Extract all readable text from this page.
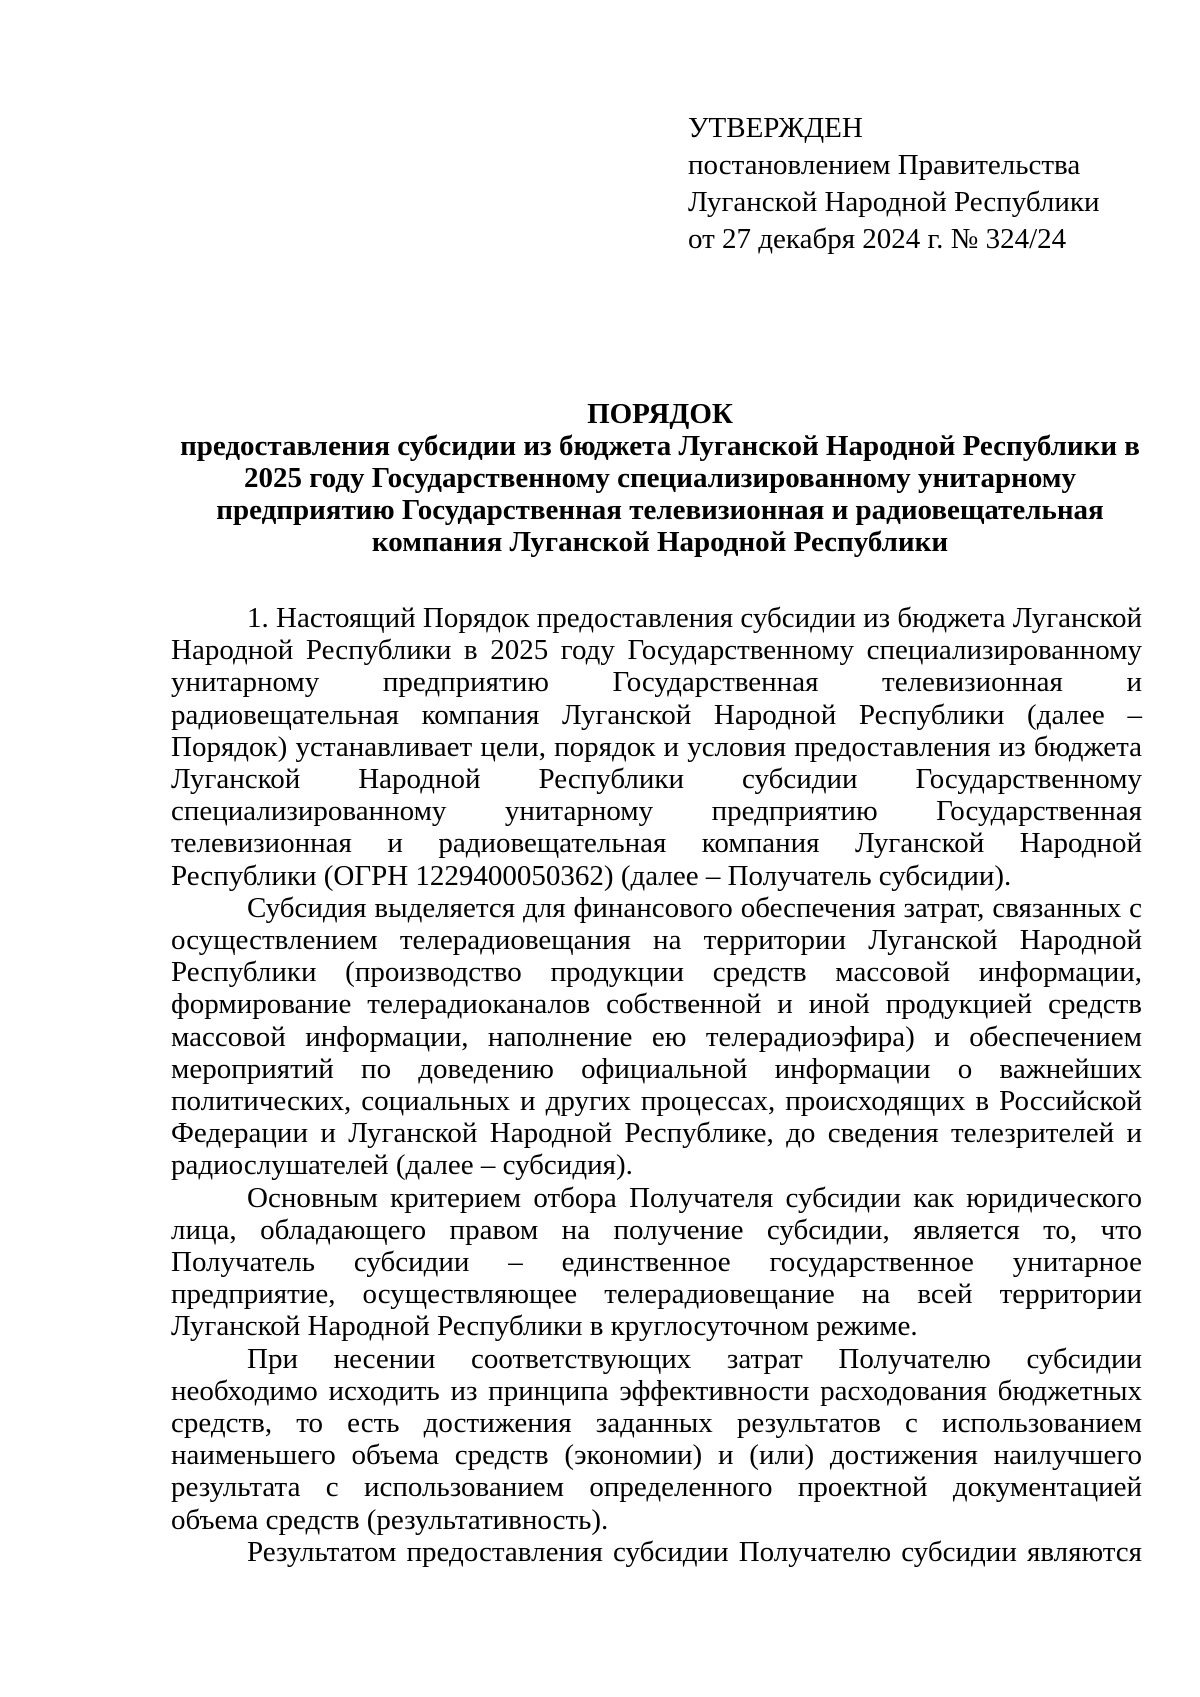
УТВЕРЖДЕН
постановлением Правительства
Луганской Народной Республики
от 27 декабря 2024 г. № 324/24
ПОРЯДОК
предоставления субсидии из бюджета Луганской Народной Республики в 2025 году Государственному специализированному унитарному предприятию Государственная телевизионная и радиовещательная компания Луганской Народной Республики

1. Настоящий Порядок предоставления субсидии из бюджета Луганской Народной Республики в 2025 году Государственному специализированному унитарному предприятию Государственная телевизионная и радиовещательная компания Луганской Народной Республики (далее – Порядок) устанавливает цели, порядок и условия предоставления из бюджета Луганской Народной Республики субсидии Государственному специализированному унитарному предприятию Государственная телевизионная и радиовещательная компания Луганской Народной Республики (ОГРН 1229400050362) (далее – Получатель субсидии).

Субсидия выделяется для финансового обеспечения затрат, связанных с осуществлением телерадиовещания на территории Луганской Народной Республики (производство продукции средств массовой информации, формирование телерадиоканалов собственной и иной продукцией средств массовой информации, наполнение ею телерадиоэфира) и обеспечением мероприятий по доведению официальной информации о важнейших политических, социальных и других процессах, происходящих в Российской Федерации и Луганской Народной Республике, до сведения телезрителей и радиослушателей (далее – субсидия).

Основным критерием отбора Получателя субсидии как юридического лица, обладающего правом на получение субсидии, является то, что Получатель субсидии – единственное государственное унитарное предприятие, осуществляющее телерадиовещание на всей территории Луганской Народной Республики в круглосуточном режиме.

При несении соответствующих затрат Получателю субсидии необходимо исходить из принципа эффективности расходования бюджетных средств, то есть достижения заданных результатов с использованием наименьшего объема средств (экономии) и (или) достижения наилучшего результата с использованием определенного проектной документацией объема средств (результативность).

Результатом предоставления субсидии Получателю субсидии являются
